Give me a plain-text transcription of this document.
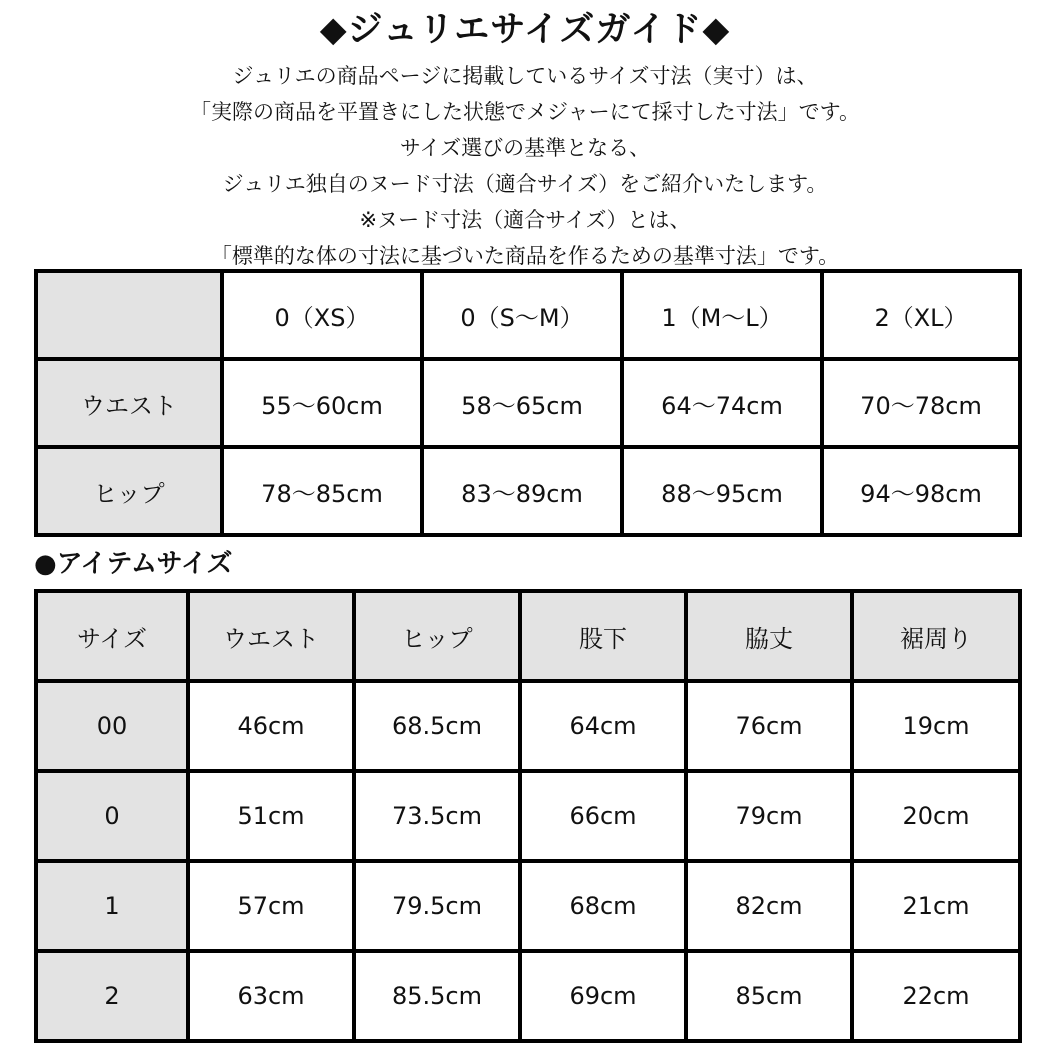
◆ジュリエサイズガイド◆
ジュリエの商品ページに掲載しているサイズ寸法（実寸）は、
「実際の商品を平置きにした状態でメジャーにて採寸した寸法」です。
サイズ選びの基準となる、
ジュリエ独自のヌード寸法（適合サイズ）をご紹介いたします。
※ヌード寸法（適合サイズ）とは、
「標準的な体の寸法に基づいた商品を作るための基準寸法」です。
	0（XS）	0（S〜M）	1（M〜L）	2（XL）
ウエスト	55〜60cm	58〜65cm	64〜74cm	70〜78cm
ヒップ	78〜85cm	83〜89cm	88〜95cm	94〜98cm
●アイテムサイズ
サイズ	ウエスト	ヒップ	股下	脇丈	裾周り
00	46cm	68.5cm	64cm	76cm	19cm
0	51cm	73.5cm	66cm	79cm	20cm
1	57cm	79.5cm	68cm	82cm	21cm
2	63cm	85.5cm	69cm	85cm	22cm
